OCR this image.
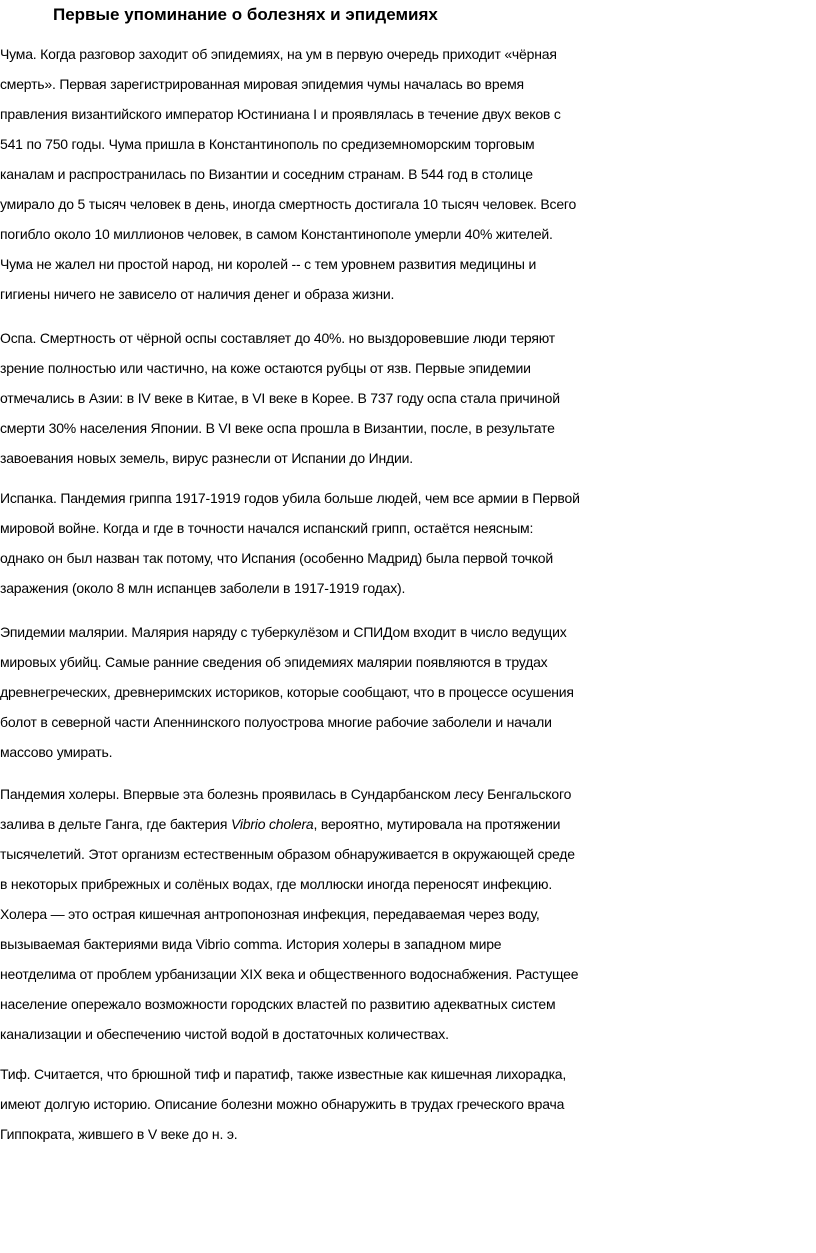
Первые упоминание о болезнях и эпидемиях
Чума. Когда разговор заходит об эпидемиях, на ум в первую очередь приходит «чёрная
смерть». Первая зарегистрированная мировая эпидемия чумы началась во время
правления византийского император Юстиниана I и проявлялась в течение двух веков с
541 по 750 годы. Чума пришла в Константинополь по средиземноморским торговым
каналам и распространилась по Византии и соседним странам. В 544 год в столице
умирало до 5 тысяч человек в день, иногда смертность достигала 10 тысяч человек. Всего
погибло около 10 миллионов человек, в самом Константинополе умерли 40% жителей.
Чума не жалел ни простой народ, ни королей -- с тем уровнем развития медицины и
гигиены ничего не зависело от наличия денег и образа жизни.
Оспа. Смертность от чёрной оспы составляет до 40%. но выздоровевшие люди теряют
зрение полностью или частично, на коже остаются рубцы от язв. Первые эпидемии
отмечались в Азии: в IV веке в Китае, в VI веке в Корее. В 737 году оспа стала причиной
смерти 30% населения Японии. В VI веке оспа прошла в Византии, после, в результате
завоевания новых земель, вирус разнесли от Испании до Индии.
Испанка. Пандемия гриппа 1917-1919 годов убила больше людей, чем все армии в Первой
мировой войне. Когда и где в точности начался испанский грипп, остаётся неясным:
однако он был назван так потому, что Испания (особенно Мадрид) была первой точкой
заражения (около 8 млн испанцев заболели в 1917-1919 годах).
Эпидемии малярии. Малярия наряду с туберкулёзом и СПИДом входит в число ведущих
мировых убийц. Самые ранние сведения об эпидемиях малярии появляются в трудах
древнегреческих, древнеримских историков, которые сообщают, что в процессе осушения
болот в северной части Апеннинского полуострова многие рабочие заболели и начали
массово умирать.
Пандемия холеры. Впервые эта болезнь проявилась в Сундарбанском лесу Бенгальского
залива в дельте Ганга, где бактерия Vibrio cholera, вероятно, мутировала на протяжении
тысячелетий. Этот организм естественным образом обнаруживается в окружающей среде
в некоторых прибрежных и солёных водах, где моллюски иногда переносят инфекцию.
Холера — это острая кишечная антропонозная инфекция, передаваемая через воду,
вызываемая бактериями вида Vibrio comma. История холеры в западном мире
неотделима от проблем урбанизации XIX века и общественного водоснабжения. Растущее
население опережало возможности городских властей по развитию адекватных систем
канализации и обеспечению чистой водой в достаточных количествах.
Тиф. Считается, что брюшной тиф и паратиф, также известные как кишечная лихорадка,
имеют долгую историю. Описание болезни можно обнаружить в трудах греческого врача
Гиппократа, жившего в V веке до н. э.
